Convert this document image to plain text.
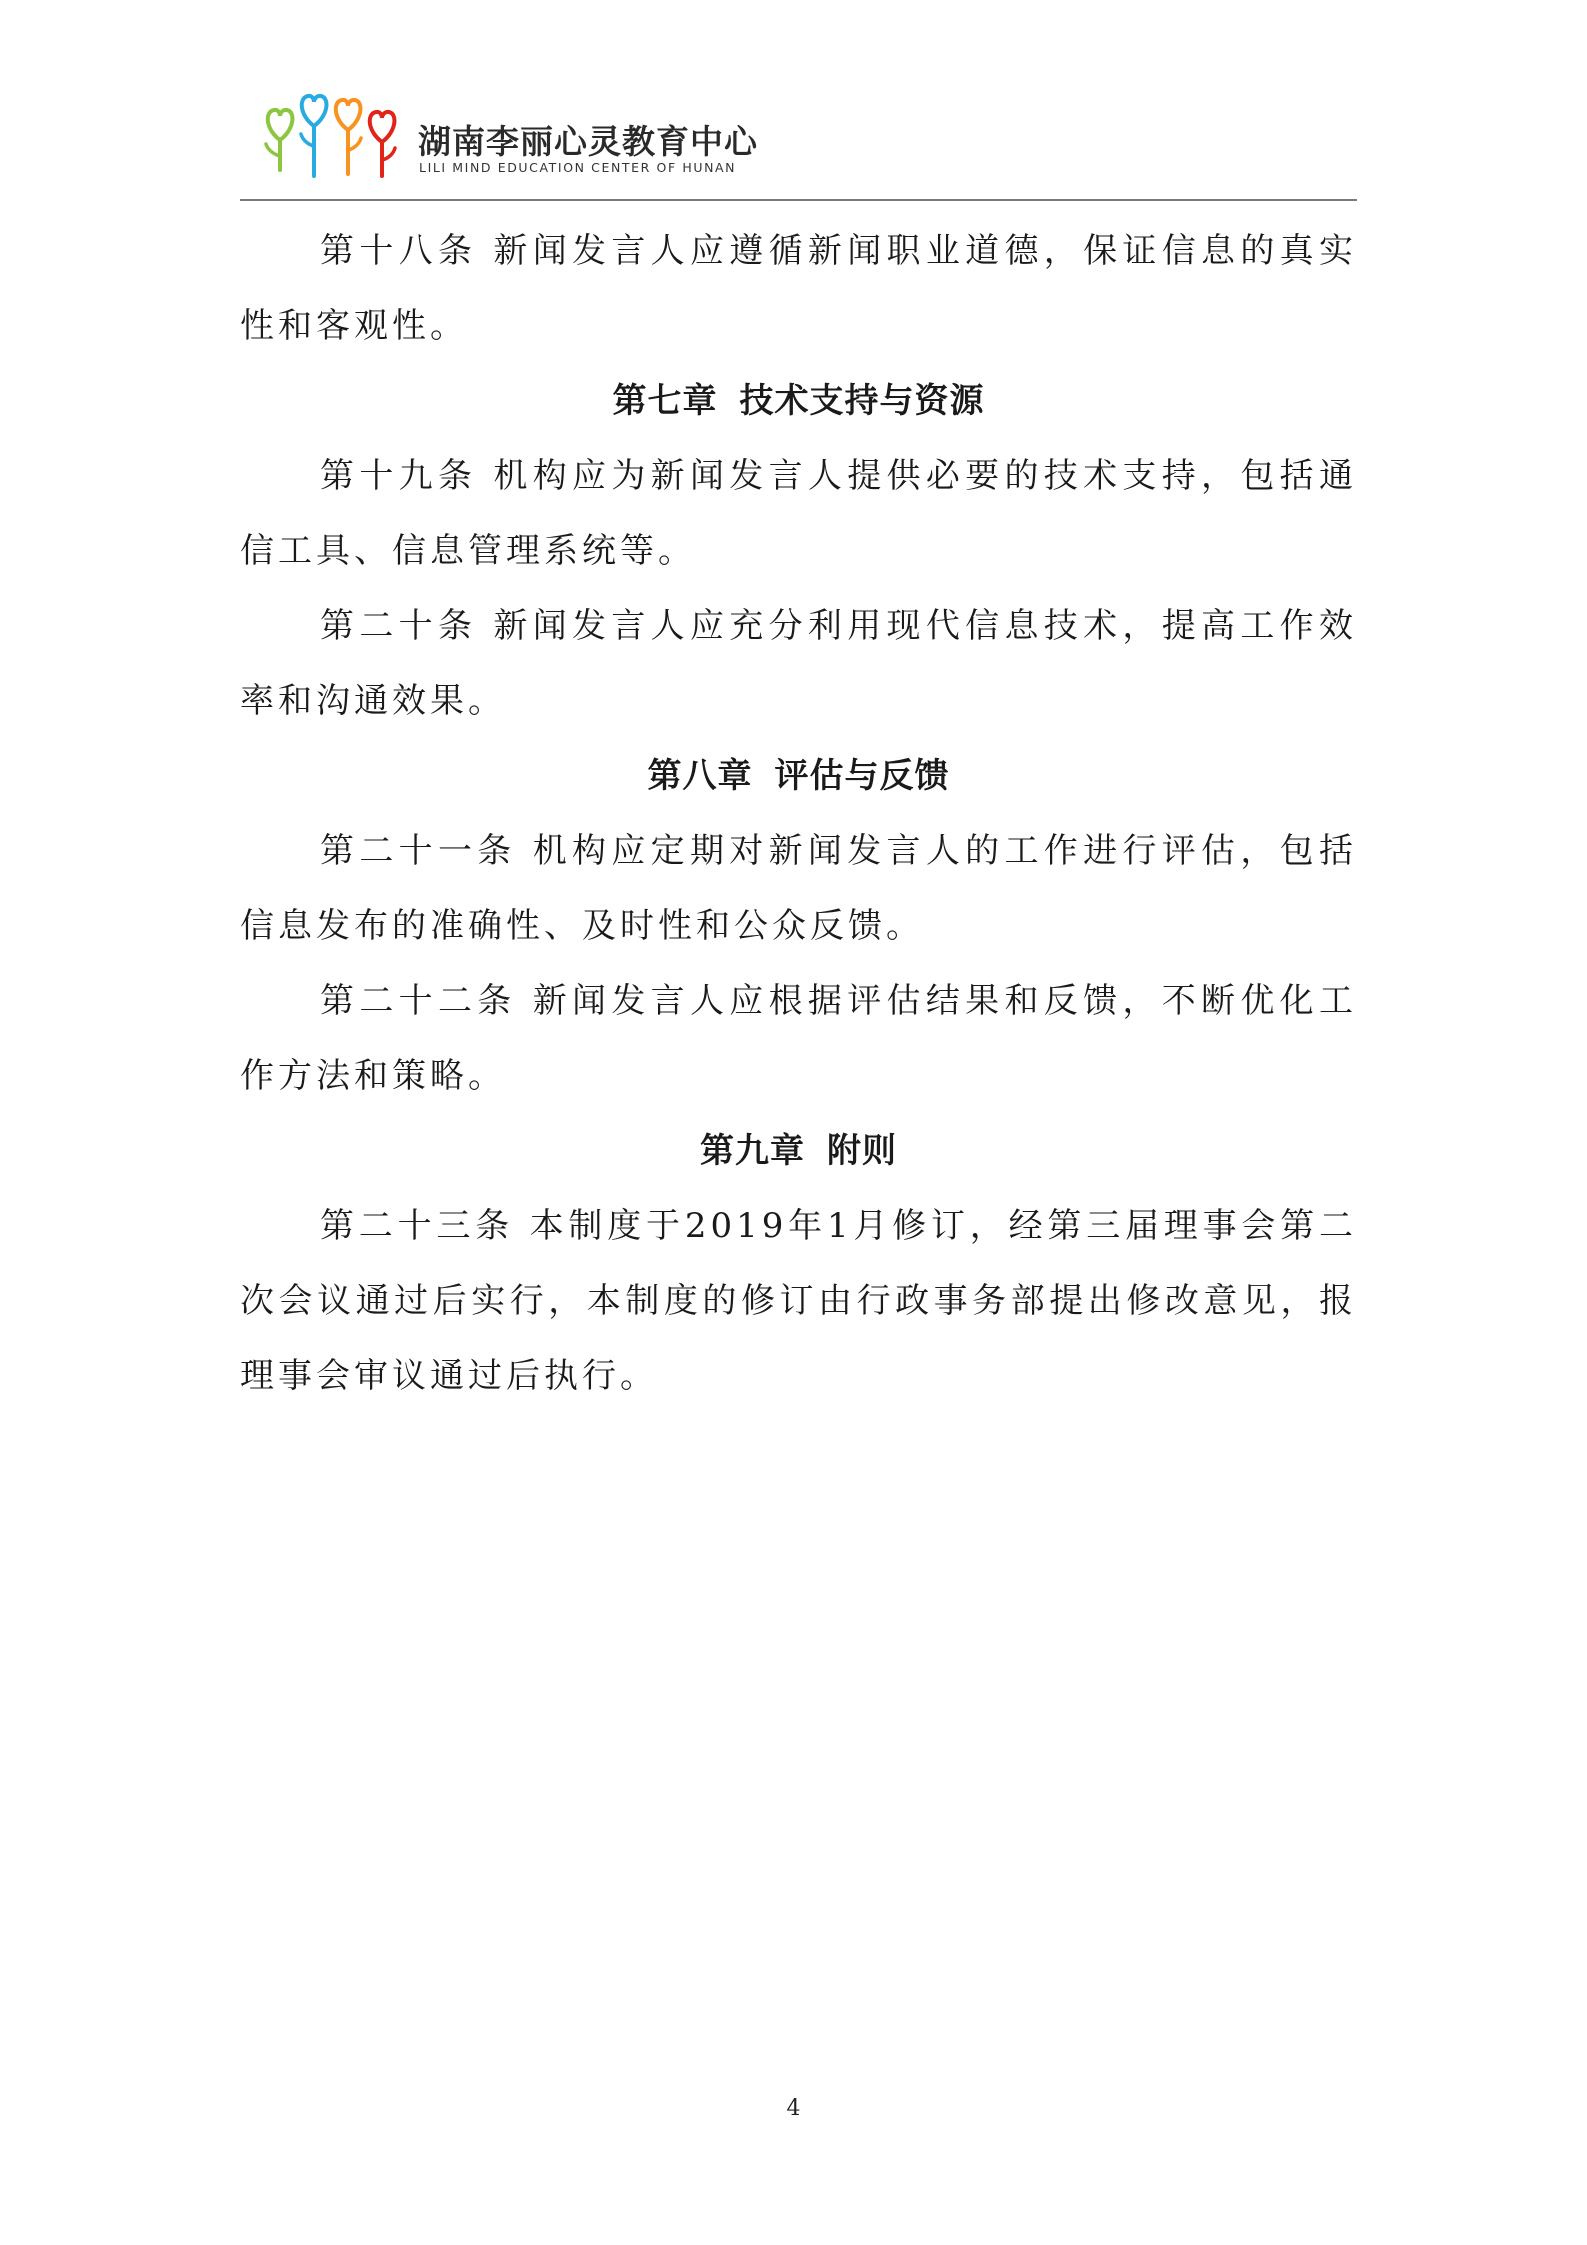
湖南李丽心灵教育中心
LILI MIND EDUCATION CENTER OF HUNAN

第十八条 新闻发言人应遵循新闻职业道德，保证信息的真实性和客观性。

第七章 技术支持与资源

第十九条 机构应为新闻发言人提供必要的技术支持，包括通信工具、信息管理系统等。

第二十条 新闻发言人应充分利用现代信息技术，提高工作效率和沟通效果。

第八章 评估与反馈

第二十一条 机构应定期对新闻发言人的工作进行评估，包括信息发布的准确性、及时性和公众反馈。

第二十二条 新闻发言人应根据评估结果和反馈，不断优化工作方法和策略。

第九章 附则

第二十三条 本制度于2019年1月修订，经第三届理事会第二次会议通过后实行，本制度的修订由行政事务部提出修改意见，报理事会审议通过后执行。

4
